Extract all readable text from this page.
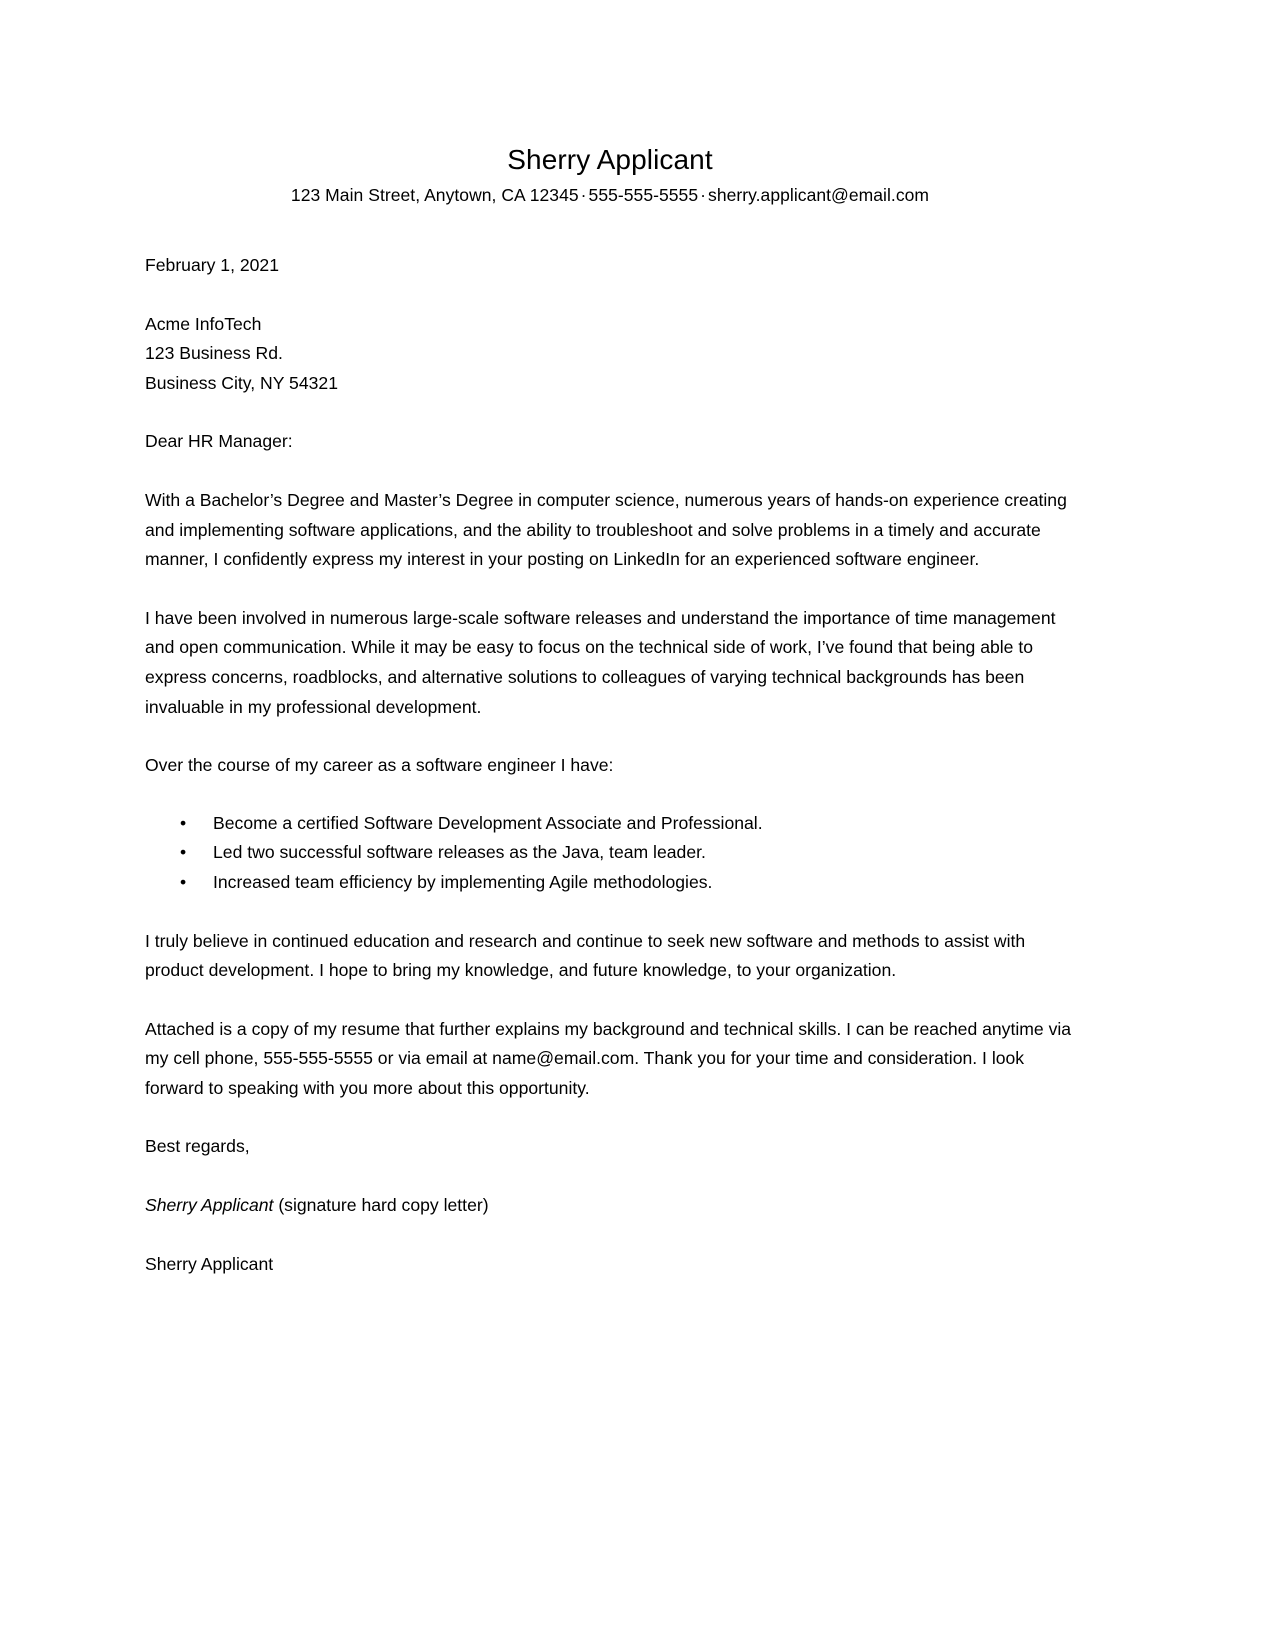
Sherry Applicant
123 Main Street, Anytown, CA 12345 · 555-555-5555 · sherry.applicant@email.com

February 1, 2021

Acme InfoTech
123 Business Rd.
Business City, NY 54321

Dear HR Manager:

With a Bachelor’s Degree and Master’s Degree in computer science, numerous years of hands-on experience creating and implementing software applications, and the ability to troubleshoot and solve problems in a timely and accurate manner, I confidently express my interest in your posting on LinkedIn for an experienced software engineer.

I have been involved in numerous large-scale software releases and understand the importance of time management and open communication. While it may be easy to focus on the technical side of work, I’ve found that being able to express concerns, roadblocks, and alternative solutions to colleagues of varying technical backgrounds has been invaluable in my professional development.

Over the course of my career as a software engineer I have:

• Become a certified Software Development Associate and Professional.
• Led two successful software releases as the Java, team leader.
• Increased team efficiency by implementing Agile methodologies.

I truly believe in continued education and research and continue to seek new software and methods to assist with product development. I hope to bring my knowledge, and future knowledge, to your organization.

Attached is a copy of my resume that further explains my background and technical skills. I can be reached anytime via my cell phone, 555-555-5555 or via email at name@email.com. Thank you for your time and consideration. I look forward to speaking with you more about this opportunity.

Best regards,

Sherry Applicant (signature hard copy letter)

Sherry Applicant
